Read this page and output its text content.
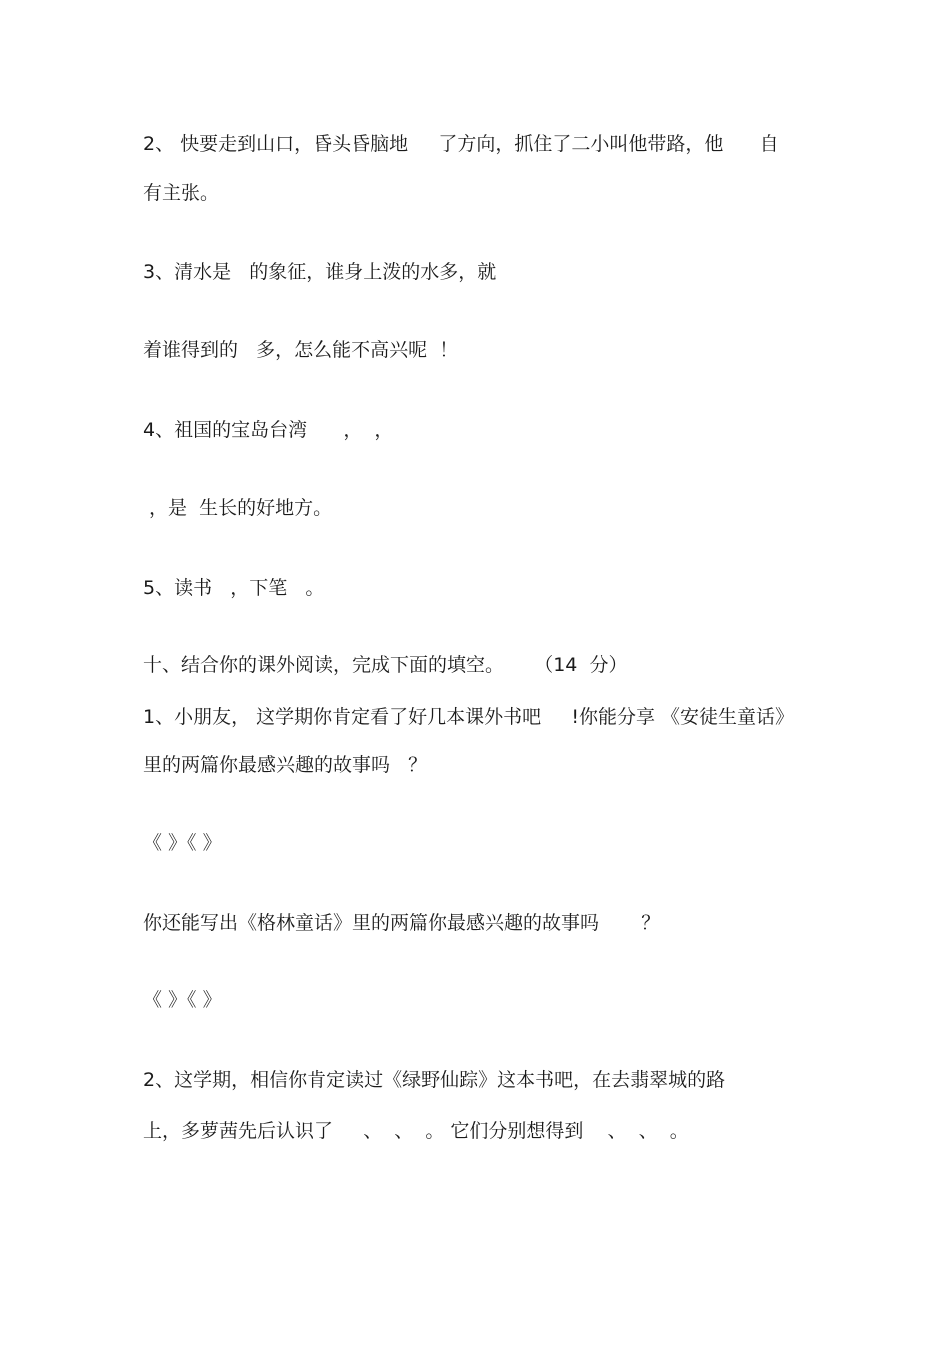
2、 快要走到山口，昏头昏脑地     了方向，抓住了二小叫他带路，他      自
有主张。
3、清水是   的象征，谁身上泼的水多，就
着谁得到的   多，怎么能不高兴呢  ！
4、祖国的宝岛台湾      ，  ，
，是  生长的好地方。
5、读书   ，下笔   。
十、结合你的课外阅读，完成下面的填空。     （14  分）
1、小朋友， 这学期你肯定看了好几本课外书吧     !你能分享 《安徒生童话》
里的两篇你最感兴趣的故事吗   ？
《 》《 》
你还能写出《格林童话》里的两篇你最感兴趣的故事吗       ？
《 》《 》
2、这学期，相信你肯定读过《绿野仙踪》这本书吧，在去翡翠城的路
上，多萝茜先后认识了     、  、  。 它们分别想得到    、  、  。
